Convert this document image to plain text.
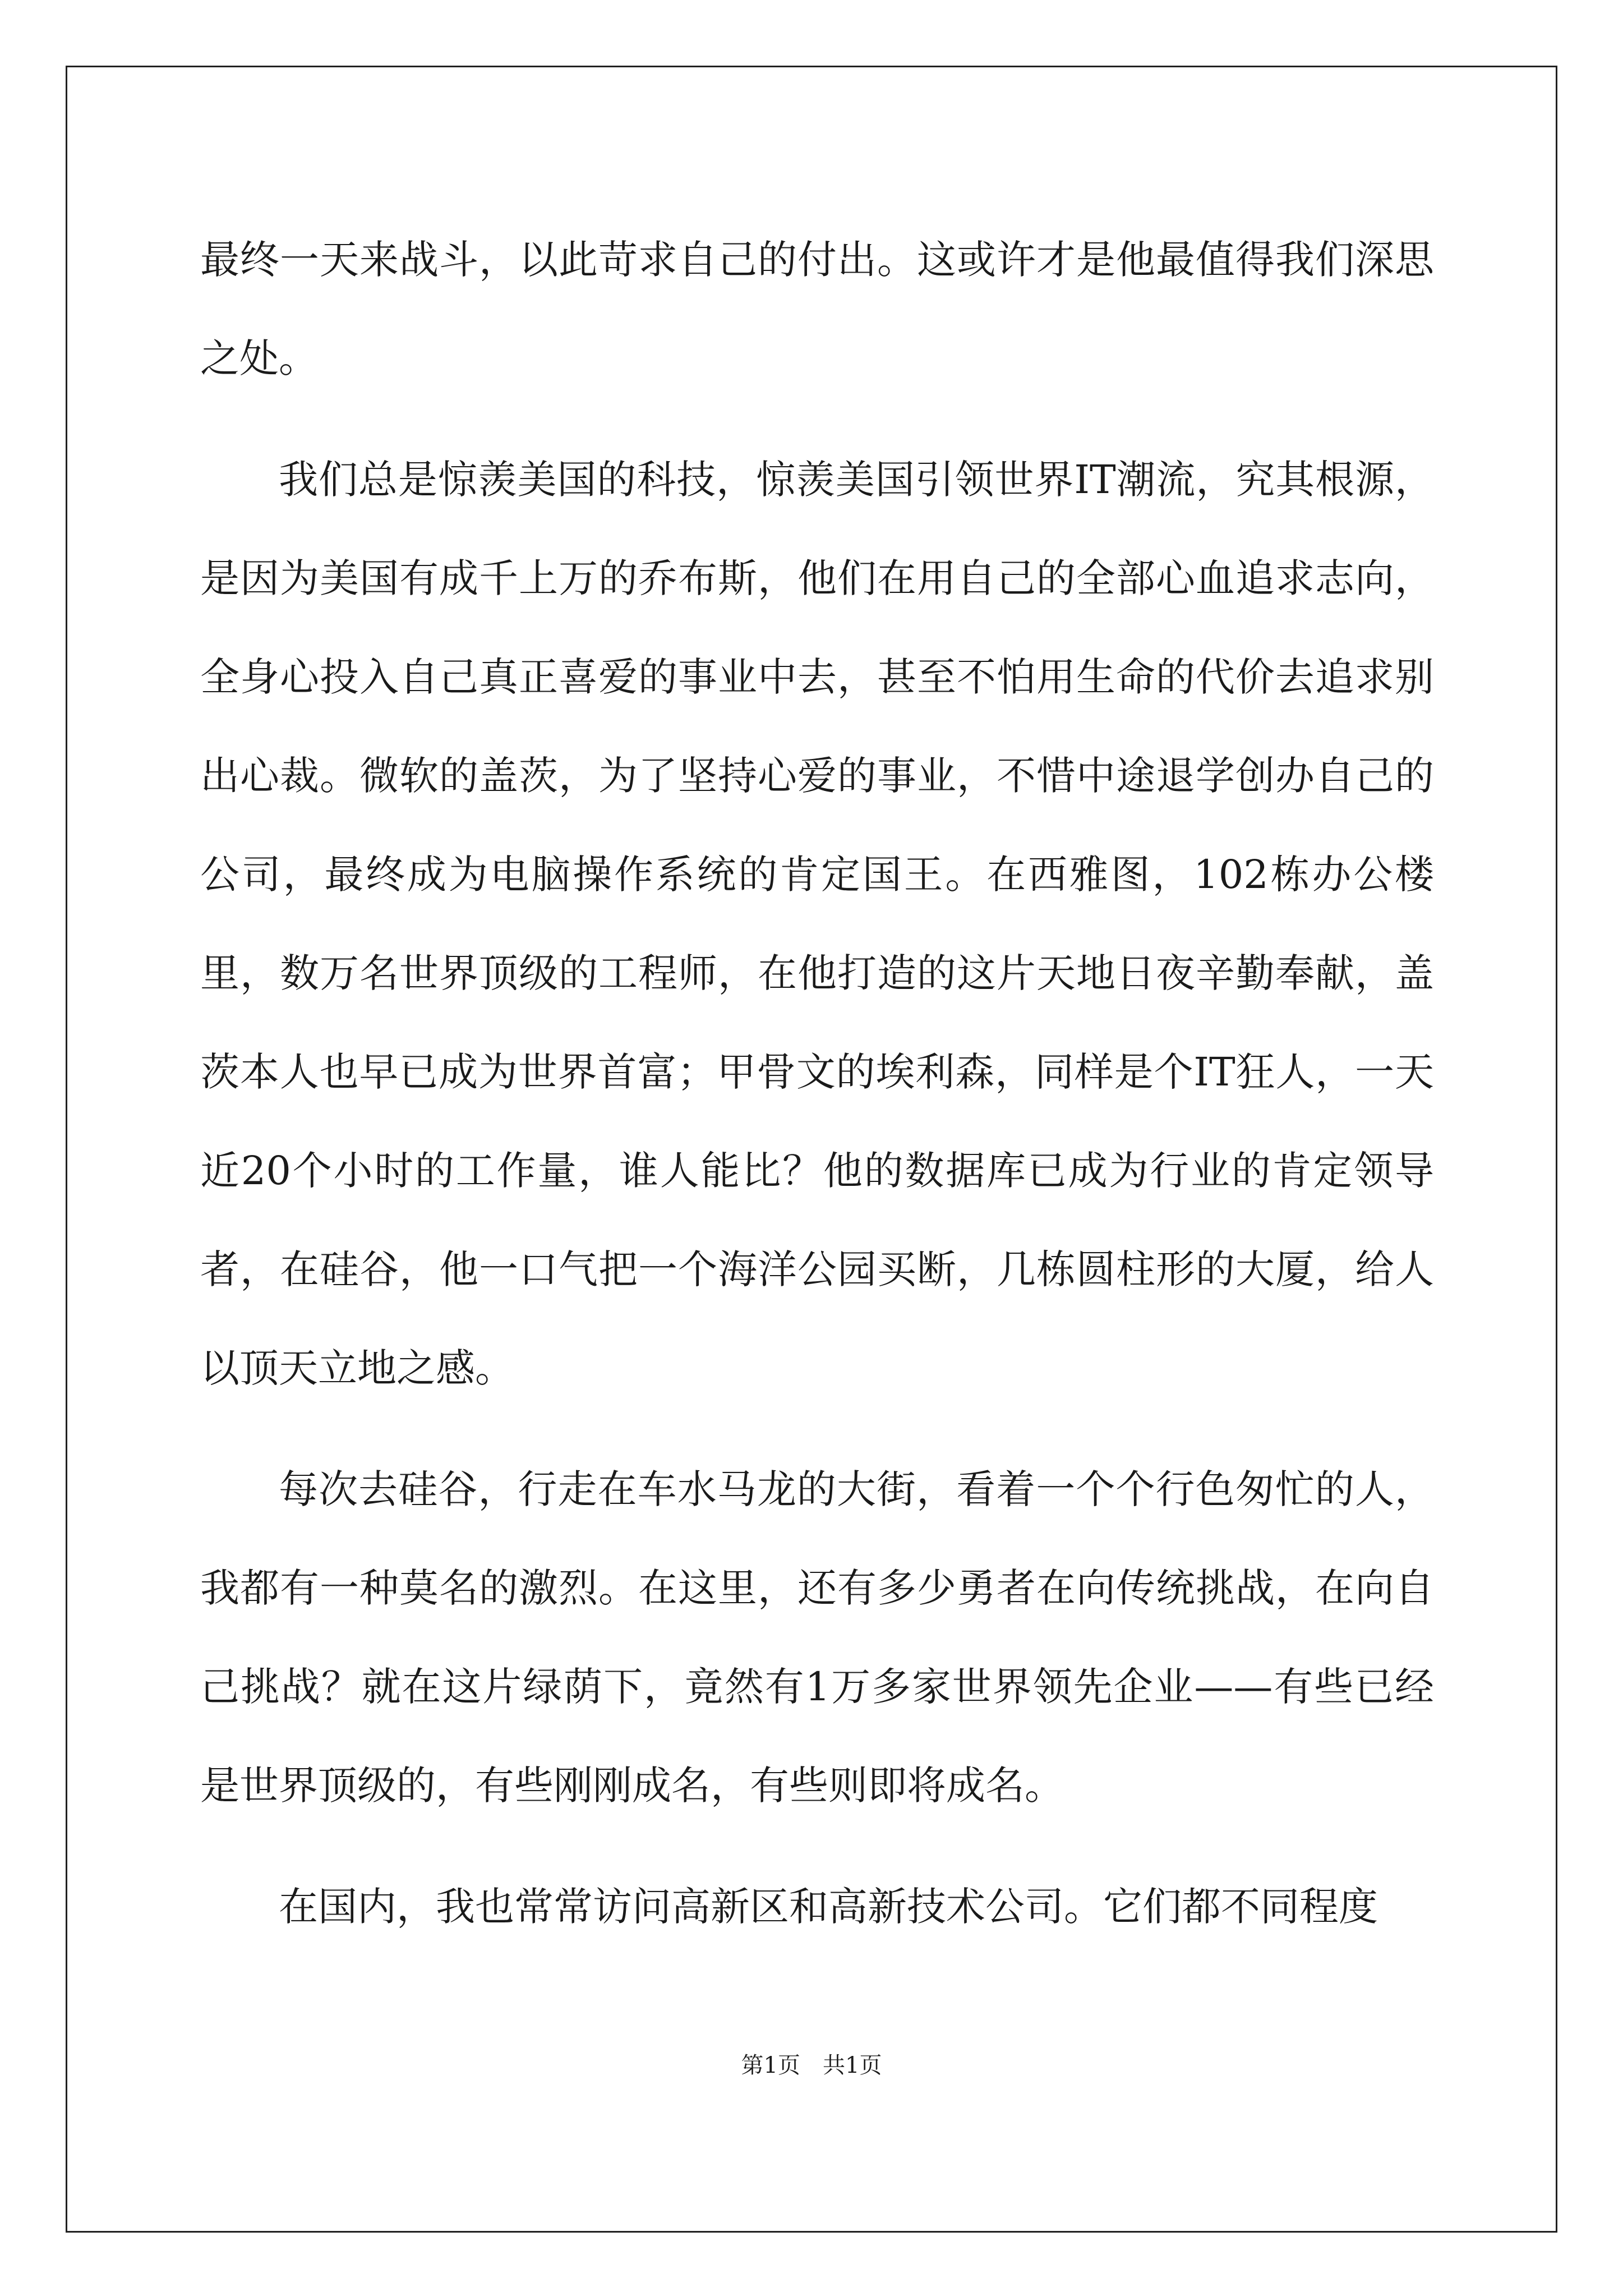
最终一天来战斗，以此苛求自己的付出。这或许才是他最值得我们深思之处。

我们总是惊羡美国的科技，惊羡美国引领世界IT潮流，究其根源，是因为美国有成千上万的乔布斯，他们在用自己的全部心血追求志向，全身心投入自己真正喜爱的事业中去，甚至不怕用生命的代价去追求别出心裁。微软的盖茨，为了坚持心爱的事业，不惜中途退学创办自己的公司，最终成为电脑操作系统的肯定国王。在西雅图，102栋办公楼里，数万名世界顶级的工程师，在他打造的这片天地日夜辛勤奉献，盖茨本人也早已成为世界首富；甲骨文的埃利森，同样是个IT狂人，一天近20个小时的工作量，谁人能比？他的数据库已成为行业的肯定领导者，在硅谷，他一口气把一个海洋公园买断，几栋圆柱形的大厦，给人以顶天立地之感。

每次去硅谷，行走在车水马龙的大街，看着一个个行色匆忙的人，我都有一种莫名的激烈。在这里，还有多少勇者在向传统挑战，在向自己挑战？就在这片绿荫下，竟然有1万多家世界领先企业——有些已经是世界顶级的，有些刚刚成名，有些则即将成名。

在国内，我也常常访问高新区和高新技术公司。它们都不同程度

第1页　共1页
